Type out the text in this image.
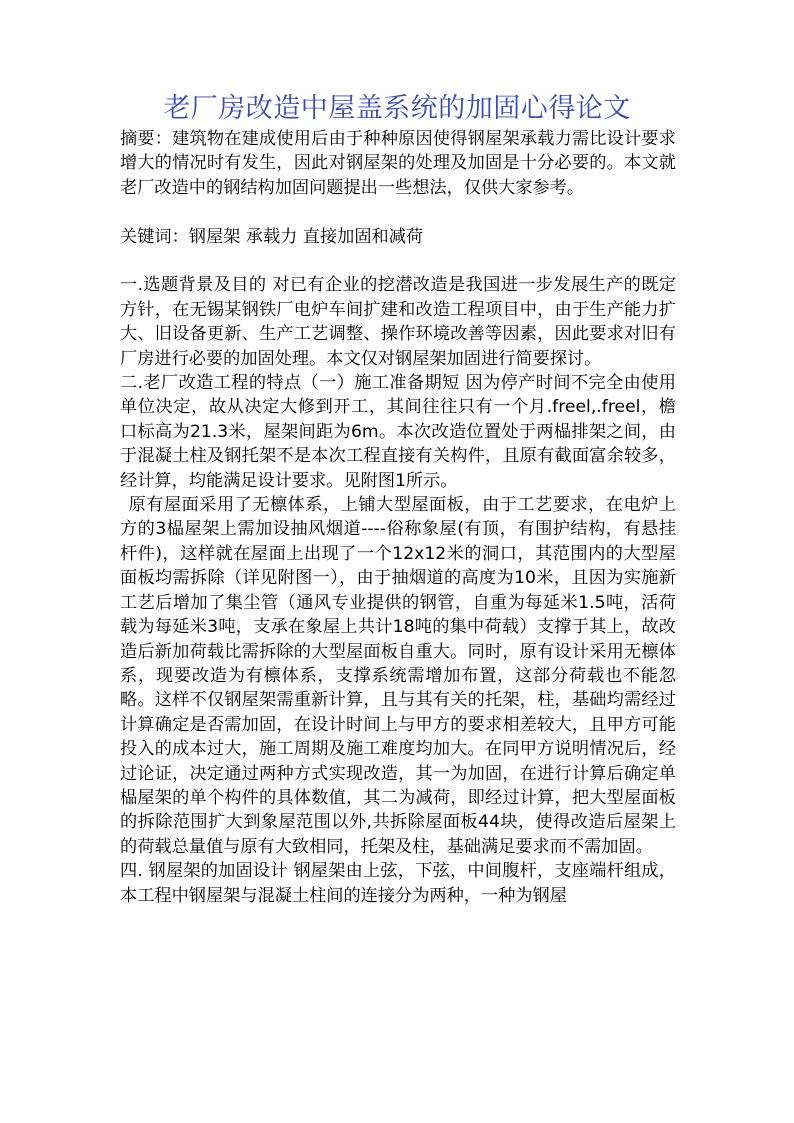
老厂房改造中屋盖系统的加固心得论文

摘要：建筑物在建成使用后由于种种原因使得钢屋架承载力需比设计要求增大的情况时有发生，因此对钢屋架的处理及加固是十分必要的。本文就老厂改造中的钢结构加固问题提出一些想法，仅供大家参考。

关键词：钢屋架 承载力 直接加固和减荷

一.选题背景及目的 对已有企业的挖潜改造是我国进一步发展生产的既定方针，在无锡某钢铁厂电炉车间扩建和改造工程项目中，由于生产能力扩大、旧设备更新、生产工艺调整、操作环境改善等因素，因此要求对旧有厂房进行必要的加固处理。本文仅对钢屋架加固进行简要探讨。

二.老厂改造工程的特点（一）施工准备期短 因为停产时间不完全由使用单位决定，故从决定大修到开工，其间往往只有一个月.freel,.freel，檐口标高为21.3米，屋架间距为6m。本次改造位置处于两榀排架之间，由于混凝土柱及钢托架不是本次工程直接有关构件，且原有截面富余较多，经计算，均能满足设计要求。见附图1所示。

原有屋面采用了无檩体系，上铺大型屋面板，由于工艺要求，在电炉上方的3榀屋架上需加设抽风烟道----俗称象屋(有顶，有围护结构，有悬挂杆件)，这样就在屋面上出现了一个12x12米的洞口，其范围内的大型屋面板均需拆除（详见附图一），由于抽烟道的高度为10米，且因为实施新工艺后增加了集尘管（通风专业提供的钢管，自重为每延米1.5吨，活荷载为每延米3吨，支承在象屋上共计18吨的集中荷载）支撑于其上，故改造后新加荷载比需拆除的大型屋面板自重大。同时，原有设计采用无檩体系，现要改造为有檩体系，支撑系统需增加布置，这部分荷载也不能忽略。这样不仅钢屋架需重新计算，且与其有关的托架，柱，基础均需经过计算确定是否需加固，在设计时间上与甲方的要求相差较大，且甲方可能投入的成本过大，施工周期及施工难度均加大。在同甲方说明情况后，经过论证，决定通过两种方式实现改造，其一为加固，在进行计算后确定单榀屋架的单个构件的具体数值，其二为减荷，即经过计算，把大型屋面板的拆除范围扩大到象屋范围以外,共拆除屋面板44块，使得改造后屋架上的荷载总量值与原有大致相同，托架及柱，基础满足要求而不需加固。

四. 钢屋架的加固设计 钢屋架由上弦，下弦，中间腹杆，支座端杆组成，本工程中钢屋架与混凝土柱间的连接分为两种，一种为钢屋
